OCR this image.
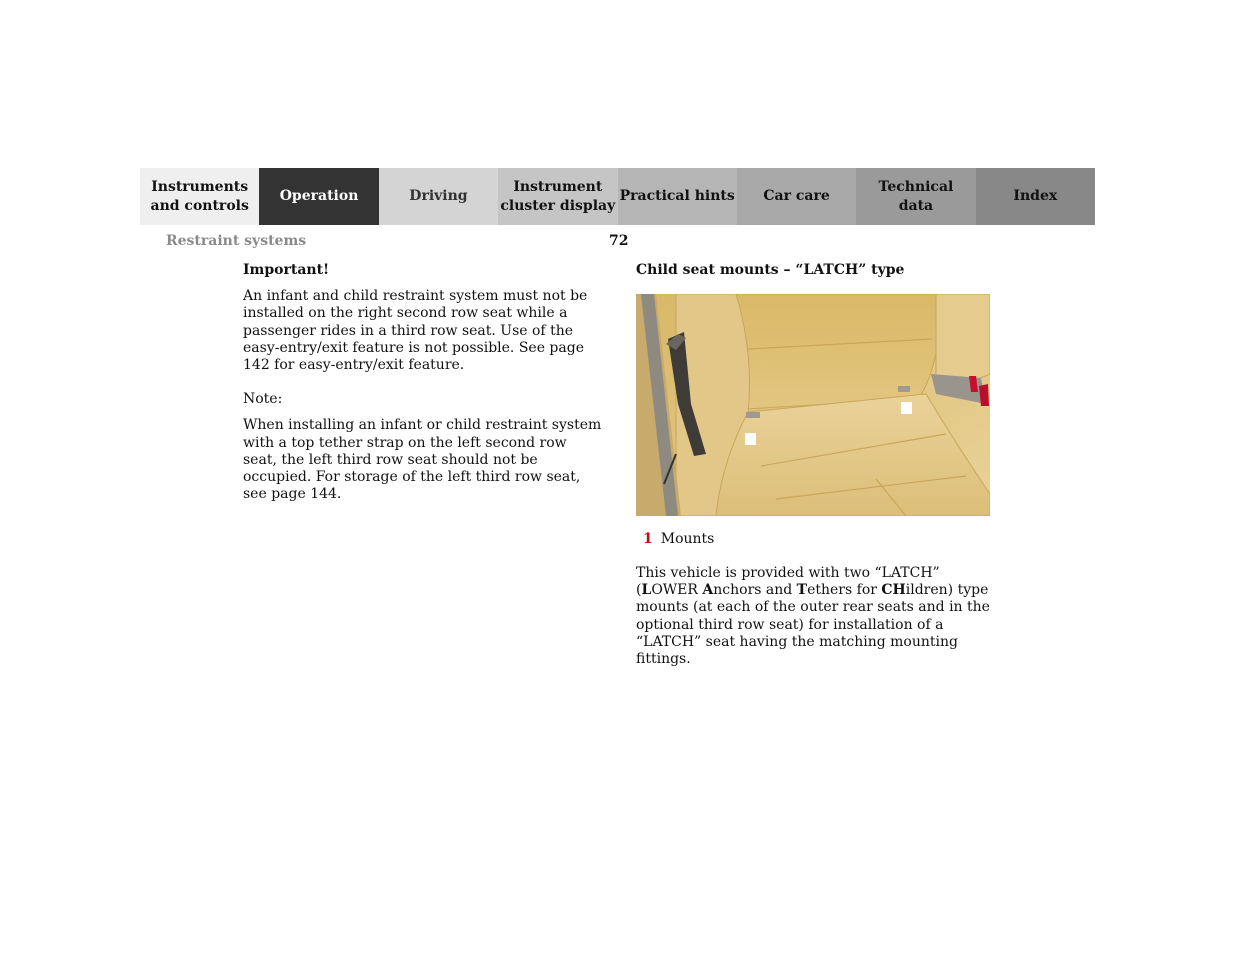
Instruments
and controls
Operation	Driving
Instrument
cluster display
Practical hints	Car care
Technical
data
Index
Restraint systems	72
Important!
An infant and child restraint system must not be installed on the right second row seat while a passenger rides in a third row seat. Use of the easy-entry/exit feature is not possible. See page 142 for easy-entry/exit feature.
Note:
When installing an infant or child restraint system with a top tether strap on the left second row seat, the left third row seat should not be occupied. For storage of the left third row seat, see page 144.
Child seat mounts – “LATCH” type
1 Mounts
This vehicle is provided with two “LATCH” (LOWER Anchors and Tethers for CHildren) type mounts (at each of the outer rear seats and in the optional third row seat) for installation of a “LATCH” seat having the matching mounting fittings.
